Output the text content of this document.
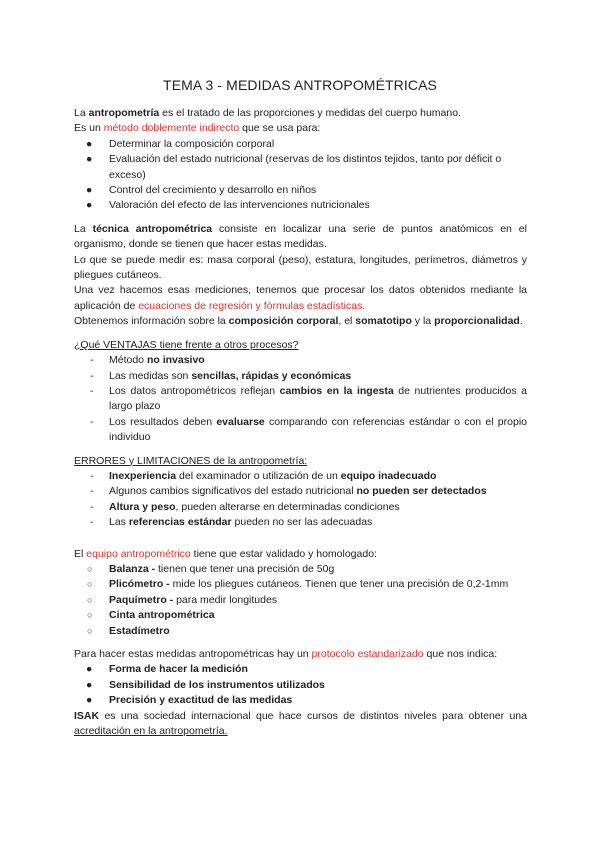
TEMA 3 - MEDIDAS ANTROPOMÉTRICAS

La antropometría es el tratado de las proporciones y medidas del cuerpo humano.

Es un método doblemente indirecto que se usa para:

● Determinar la composición corporal
● Evaluación del estado nutricional (reservas de los distintos tejidos, tanto por déficit o exceso)
● Control del crecimiento y desarrollo en niños
● Valoración del efecto de las intervenciones nutricionales

La técnica antropométrica consiste en localizar una serie de puntos anatómicos en el organismo, donde se tienen que hacer estas medidas.

Lo que se puede medir es: masa corporal (peso), estatura, longitudes, perímetros, diámetros y pliegues cutáneos.

Una vez hacemos esas mediciones, tenemos que procesar los datos obtenidos mediante la aplicación de ecuaciones de regresión y fórmulas estadísticas.

Obtenemos información sobre la composición corporal, el somatotipo y la proporcionalidad.

¿Qué VENTAJAS tiene frente a otros procesos?

- Método no invasivo
- Las medidas son sencillas, rápidas y económicas
- Los datos antropométricos reflejan cambios en la ingesta de nutrientes producidos a largo plazo
- Los resultados deben evaluarse comparando con referencias estándar o con el propio individuo

ERRORES y LIMITACIONES de la antropometría:

- Inexperiencia del examinador o utilización de un equipo inadecuado
- Algunos cambios significativos del estado nutricional no pueden ser detectados
- Altura y peso, pueden alterarse en determinadas condiciones
- Las referencias estándar pueden no ser las adecuadas

El equipo antropométrico tiene que estar validado y homologado:

○ Balanza - tienen que tener una precisión de 50g
○ Plicómetro - mide los pliegues cutáneos. Tienen que tener una precisión de 0,2-1mm
○ Paquímetro - para medir longitudes
○ Cinta antropométrica
○ Estadímetro

Para hacer estas medidas antropométricas hay un protocolo estandarizado que nos indica:

● Forma de hacer la medición
● Sensibilidad de los instrumentos utilizados
● Precisión y exactitud de las medidas

ISAK es una sociedad internacional que hace cursos de distintos niveles para obtener una acreditación en la antropometría.
